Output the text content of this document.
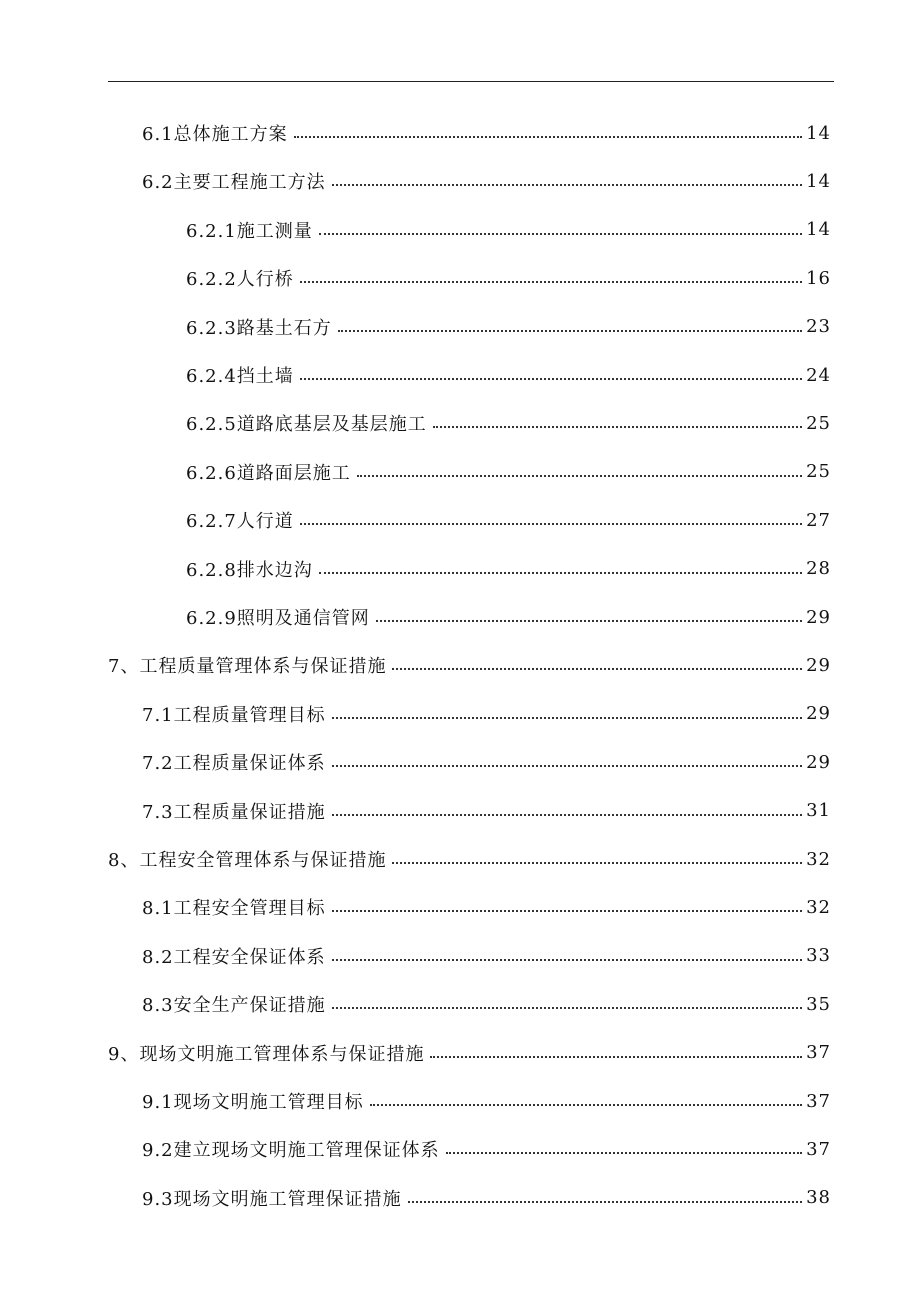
6.1总体施工方案	14
6.2主要工程施工方法	14
6.2.1施工测量	14
6.2.2人行桥	16
6.2.3路基土石方	23
6.2.4挡土墙	24
6.2.5道路底基层及基层施工	25
6.2.6道路面层施工	25
6.2.7人行道	27
6.2.8排水边沟	28
6.2.9照明及通信管网	29
7、工程质量管理体系与保证措施	29
7.1工程质量管理目标	29
7.2工程质量保证体系	29
7.3工程质量保证措施	31
8、工程安全管理体系与保证措施	32
8.1工程安全管理目标	32
8.2工程安全保证体系	33
8.3安全生产保证措施	35
9、现场文明施工管理体系与保证措施	37
9.1现场文明施工管理目标	37
9.2建立现场文明施工管理保证体系	37
9.3现场文明施工管理保证措施	38
